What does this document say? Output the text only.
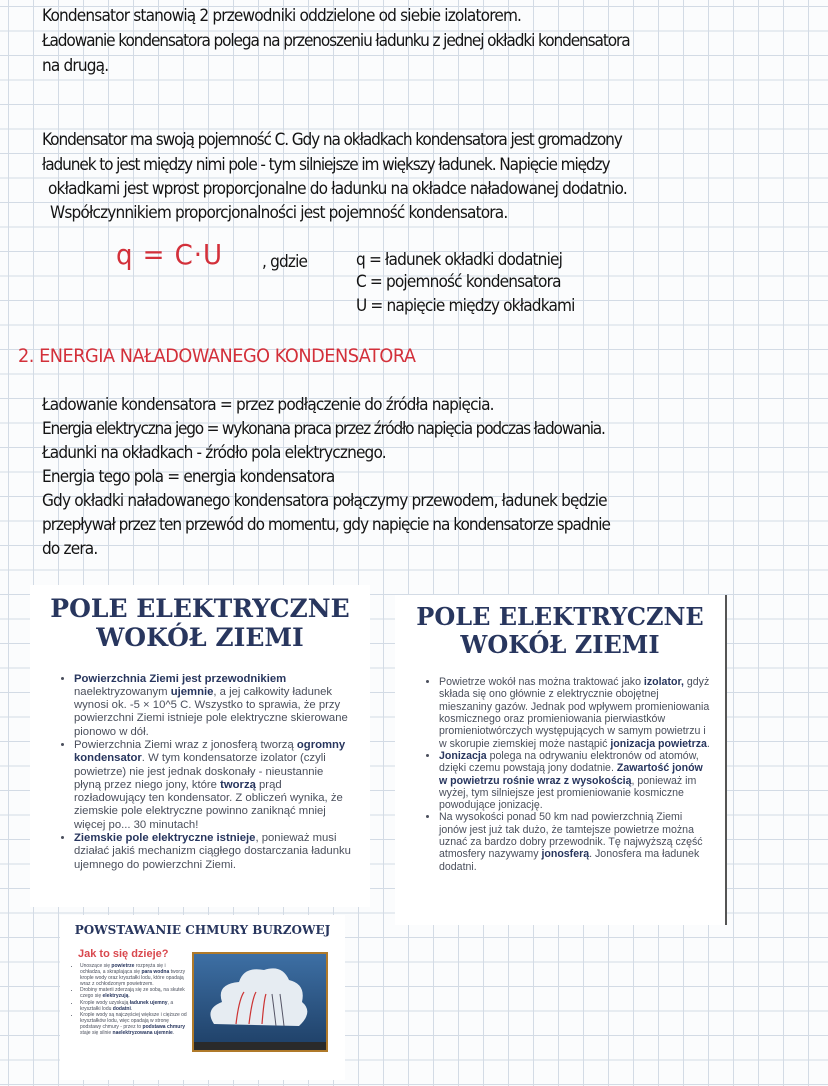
Kondensator stanowią 2 przewodniki oddzielone od siebie izolatorem.
Ładowanie kondensatora polega na przenoszeniu ładunku z jednej okładki kondensatora
na drugą.
Kondensator ma swoją pojemność C. Gdy na okładkach kondensatora jest gromadzony
ładunek to jest między nimi pole - tym silniejsze im większy ładunek. Napięcie między
okładkami jest wprost proporcjonalne do ładunku na okładce naładowanej dodatnio.
Współczynnikiem proporcjonalności jest pojemność kondensatora.
q = C·U , gdzie	q = ładunek okładki dodatniej
C = pojemność kondensatora
U = napięcie między okładkami
2. ENERGIA NAŁADOWANEGO KONDENSATORA
Ładowanie kondensatora = przez podłączenie do źródła napięcia.
Energia elektryczna jego = wykonana praca przez źródło napięcia podczas ładowania.
Ładunki na okładkach - źródło pola elektrycznego.
Energia tego pola = energia kondensatora
Gdy okładki naładowanego kondensatora połączymy przewodem, ładunek będzie
przepływał przez ten przewód do momentu, gdy napięcie na kondensatorze spadnie
do zera.
POLE ELEKTRYCZNE WOKÓŁ ZIEMI
• Powierzchnia Ziemi jest przewodnikiem naelektryzowanym ujemnie, a jej całkowity ładunek wynosi ok. -5 × 10^5 C. Wszystko to sprawia, że przy powierzchni Ziemi istnieje pole elektryczne skierowane pionowo w dół.
• Powierzchnia Ziemi wraz z jonosferą tworzą ogromny kondensator. W tym kondensatorze izolator (czyli powietrze) nie jest jednak doskonały - nieustannie płyną przez niego jony, które tworzą prąd rozładowujący ten kondensator. Z obliczeń wynika, że ziemskie pole elektryczne powinno zaniknąć mniej więcej po... 30 minutach!
• Ziemskie pole elektryczne istnieje, ponieważ musi działać jakiś mechanizm ciągłego dostarczania ładunku ujemnego do powierzchni Ziemi.
POLE ELEKTRYCZNE WOKÓŁ ZIEMI
• Powietrze wokół nas można traktować jako izolator, gdyż składa się ono głównie z elektrycznie obojętnej mieszaniny gazów. Jednak pod wpływem promieniowania kosmicznego oraz promieniowania pierwiastków promieniotwórczych występujących w samym powietrzu i w skorupie ziemskiej może nastąpić jonizacja powietrza.
• Jonizacja polega na odrywaniu elektronów od atomów, dzięki czemu powstają jony dodatnie. Zawartość jonów w powietrzu rośnie wraz z wysokością, ponieważ im wyżej, tym silniejsze jest promieniowanie kosmiczne powodujące jonizację.
• Na wysokości ponad 50 km nad powierzchnią Ziemi jonów jest już tak dużo, że tamtejsze powietrze można uznać za bardzo dobry przewodnik. Tę najwyższą część atmosfery nazywamy jonosferą. Jonosfera ma ładunek dodatni.
POWSTAWANIE CHMURY BURZOWEJ
Jak to się dzieje?
• Unoszące się powietrze rozpręża się i ochładza, a skraplająca się para wodna tworzy krople wody oraz kryształki lodu, które opadają wraz z ochłodzonym powietrzem.
• Drobiny materii zderzają się ze sobą, na skutek czego się elektryzują.
• Krople wody uzyskują ładunek ujemny, a kryształki lodu dodatni.
• Krople wody są najczęściej większe i cięższe od kryształków lodu, więc opadają w stronę podstawy chmury - przez to podstawa chmury staje się silnie naelektryzowana ujemnie.
